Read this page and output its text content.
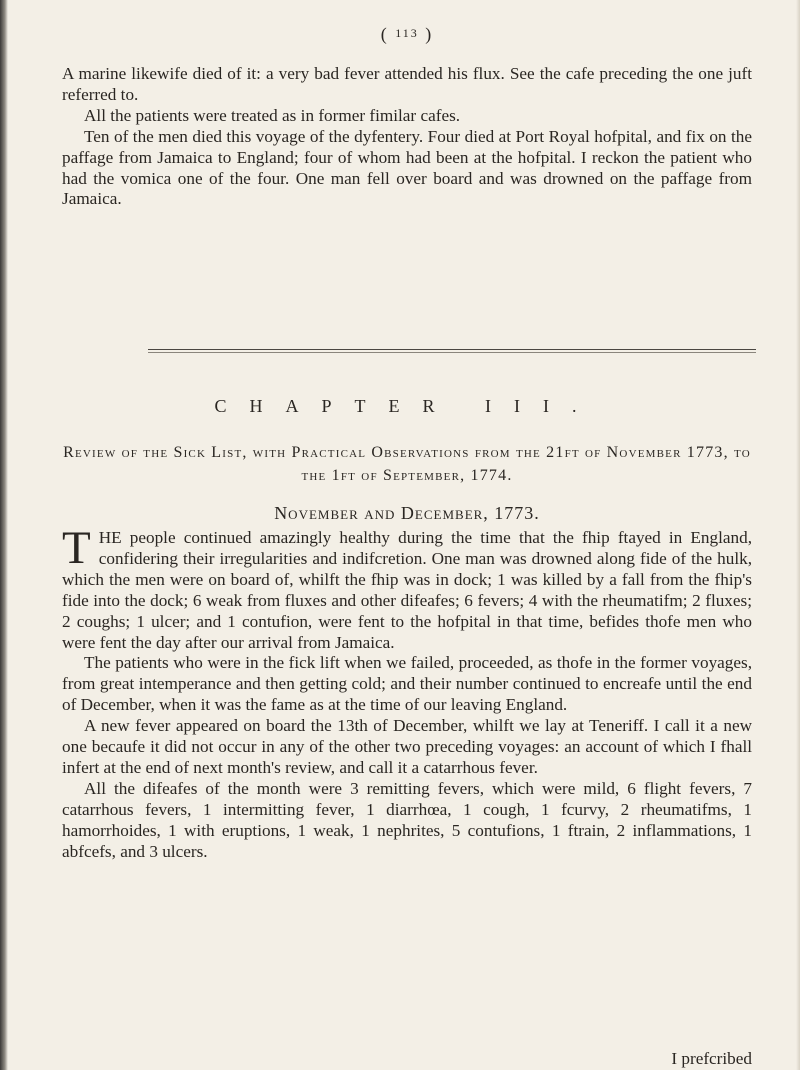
( 113 )

A marine likewife died of it: a very bad fever attended his flux. See the cafe preceding the one juft referred to.

All the patients were treated as in former fimilar cafes.

Ten of the men died this voyage of the dyfentery. Four died at Port Royal hofpital, and fix on the paffage from Jamaica to England; four of whom had been at the hofpital. I reckon the patient who had the vomica one of the four. One man fell over board and was drowned on the paffage from Jamaica.

CHAPTER III.
Review of the Sick List, with Practical Observations from the 21ft of November 1773, to the 1ft of September, 1774.
November and December, 1773.

THE people continued amazingly healthy during the time that the fhip ftayed in England, confidering their irregularities and indifcretion. One man was drowned along fide of the hulk, which the men were on board of, whilft the fhip was in dock; 1 was killed by a fall from the fhip's fide into the dock; 6 weak from fluxes and other difeafes; 6 fevers; 4 with the rheumatifm; 2 fluxes; 2 coughs; 1 ulcer; and 1 contufion, were fent to the hofpital in that time, befides thofe men who were fent the day after our arrival from Jamaica.

The patients who were in the fick lift when we failed, proceeded, as thofe in the former voyages, from great intemperance and then getting cold; and their number continued to encreafe until the end of December, when it was the fame as at the time of our leaving England.

A new fever appeared on board the 13th of December, whilft we lay at Teneriff. I call it a new one becaufe it did not occur in any of the other two preceding voyages: an account of which I fhall infert at the end of next month's review, and call it a catarrhous fever.

All the difeafes of the month were 3 remitting fevers, which were mild, 6 flight fevers, 7 catarrhous fevers, 1 intermitting fever, 1 diarrhœa, 1 cough, 1 fcurvy, 2 rheumatifms, 1 hamorrhoides, 1 with eruptions, 1 weak, 1 nephrites, 5 contufions, 1 ftrain, 2 inflammations, 1 abfcefs, and 3 ulcers.

I prefcribed
